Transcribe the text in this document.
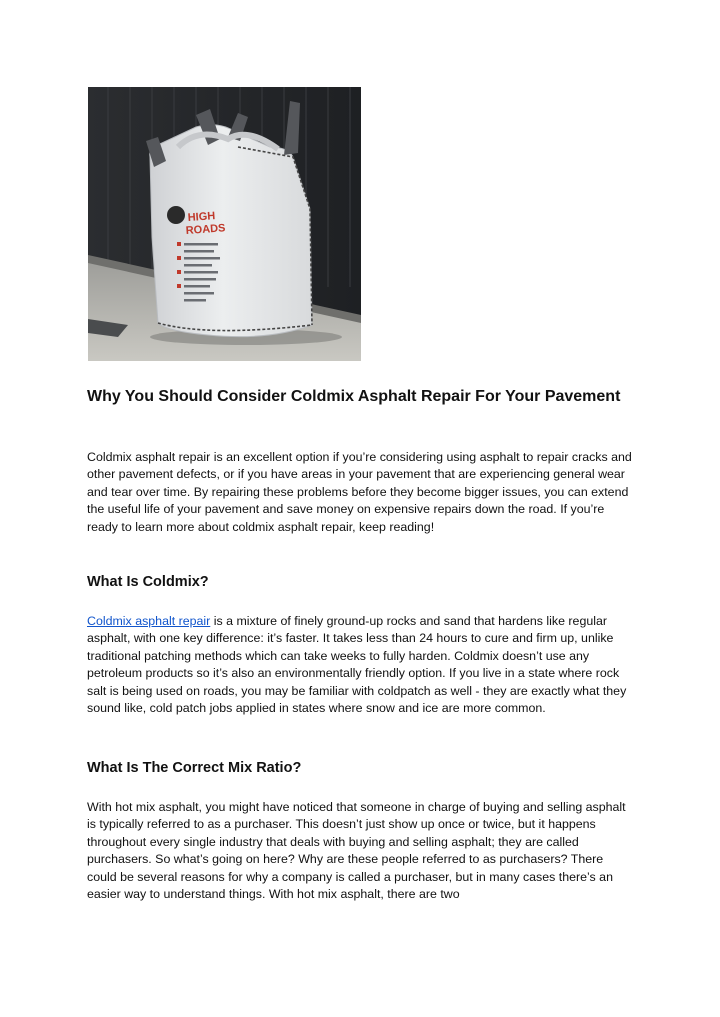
HIGH
ROADS
Why You Should Consider Coldmix Asphalt Repair For Your Pavement

Coldmix asphalt repair is an excellent option if you’re considering using asphalt to repair cracks and other pavement defects, or if you have areas in your pavement that are experiencing general wear and tear over time. By repairing these problems before they become bigger issues, you can extend the useful life of your pavement and save money on expensive repairs down the road. If you’re ready to learn more about coldmix asphalt repair, keep reading!

What Is Coldmix?

Coldmix asphalt repair is a mixture of finely ground-up rocks and sand that hardens like regular asphalt, with one key difference: it’s faster. It takes less than 24 hours to cure and firm up, unlike traditional patching methods which can take weeks to fully harden. Coldmix doesn’t use any petroleum products so it’s also an environmentally friendly option. If you live in a state where rock salt is being used on roads, you may be familiar with coldpatch as well - they are exactly what they sound like, cold patch jobs applied in states where snow and ice are more common.

What Is The Correct Mix Ratio?

With hot mix asphalt, you might have noticed that someone in charge of buying and selling asphalt is typically referred to as a purchaser. This doesn’t just show up once or twice, but it happens throughout every single industry that deals with buying and selling asphalt; they are called purchasers. So what’s going on here? Why are these people referred to as purchasers? There could be several reasons for why a company is called a purchaser, but in many cases there’s an easier way to understand things. With hot mix asphalt, there are two
